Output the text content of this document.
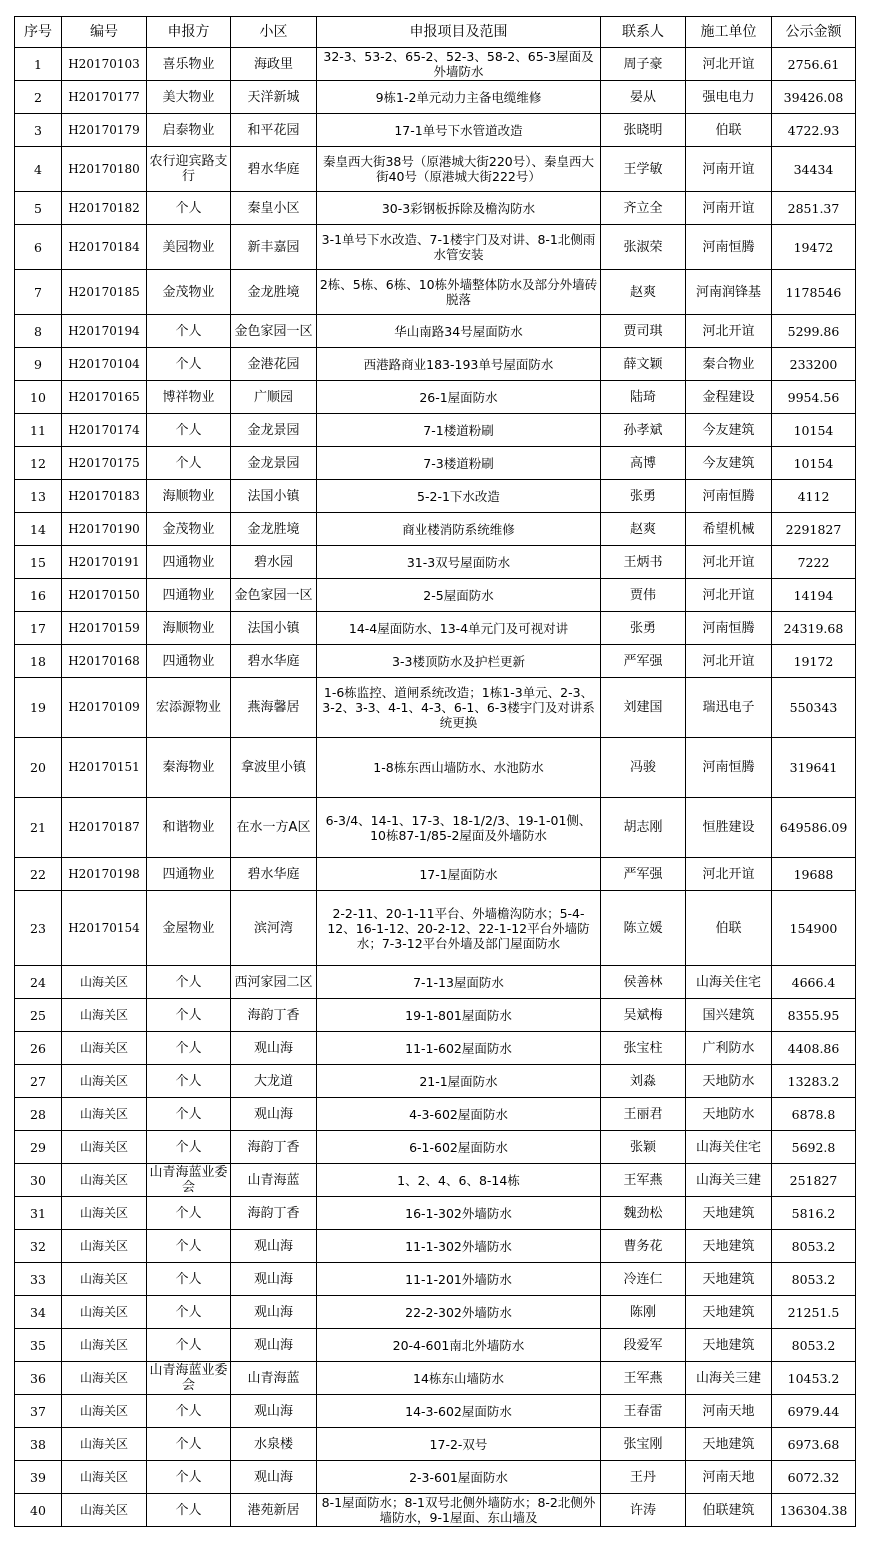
序号	编号	申报方	小区	申报项目及范围	联系人	施工单位	公示金额
1	H20170103	喜乐物业	海政里	32-3、53-2、65-2、52-3、58-2、65-3屋面及外墙防水	周子豪	河北开谊	2756.61
2	H20170177	美大物业	天洋新城	9栋1-2单元动力主备电缆维修	晏从	强电电力	39426.08
3	H20170179	启泰物业	和平花园	17-1单号下水管道改造	张晓明	伯联	4722.93
4	H20170180	农行迎宾路支行	碧水华庭	秦皇西大街38号（原港城大街220号）、秦皇西大街40号（原港城大街222号）	王学敏	河南开谊	34434
5	H20170182	个人	秦皇小区	30-3彩钢板拆除及檐沟防水	齐立全	河南开谊	2851.37
6	H20170184	美园物业	新丰嘉园	3-1单号下水改造、7-1楼宇门及对讲、8-1北侧雨水管安装	张淑荣	河南恒腾	19472
7	H20170185	金茂物业	金龙胜境	2栋、5栋、6栋、10栋外墙整体防水及部分外墙砖脱落	赵爽	河南润锋基	1178546
8	H20170194	个人	金色家园一区	华山南路34号屋面防水	贾司琪	河北开谊	5299.86
9	H20170104	个人	金港花园	西港路商业183-193单号屋面防水	薛文颖	秦合物业	233200
10	H20170165	博祥物业	广顺园	26-1屋面防水	陆琦	金程建设	9954.56
11	H20170174	个人	金龙景园	7-1楼道粉刷	孙孝斌	今友建筑	10154
12	H20170175	个人	金龙景园	7-3楼道粉刷	高博	今友建筑	10154
13	H20170183	海顺物业	法国小镇	5-2-1下水改造	张勇	河南恒腾	4112
14	H20170190	金茂物业	金龙胜境	商业楼消防系统维修	赵爽	希望机械	2291827
15	H20170191	四通物业	碧水园	31-3双号屋面防水	王炳书	河北开谊	7222
16	H20170150	四通物业	金色家园一区	2-5屋面防水	贾伟	河北开谊	14194
17	H20170159	海顺物业	法国小镇	14-4屋面防水、13-4单元门及可视对讲	张勇	河南恒腾	24319.68
18	H20170168	四通物业	碧水华庭	3-3楼顶防水及护栏更新	严军强	河北开谊	19172
19	H20170109	宏添源物业	燕海馨居	1-6栋监控、道闸系统改造；1栋1-3单元、2-3、3-2、3-3、4-1、4-3、6-1、6-3楼宇门及对讲系统更换	刘建国	瑞迅电子	550343
20	H20170151	秦海物业	拿波里小镇	1-8栋东西山墙防水、水池防水	冯骏	河南恒腾	319641
21	H20170187	和谐物业	在水一方A区	6-3/4、14-1、17-3、18-1/2/3、19-1-01侧、10栋87-1/85-2屋面及外墙防水	胡志刚	恒胜建设	649586.09
22	H20170198	四通物业	碧水华庭	17-1屋面防水	严军强	河北开谊	19688
23	H20170154	金屋物业	滨河湾	2-2-11、20-1-11平台、外墙檐沟防水；5-4-12、16-1-12、20-2-12、22-1-12平台外墙防水；7-3-12平台外墙及部门屋面防水	陈立媛	伯联	154900
24	山海关区	个人	西河家园二区	7-1-13屋面防水	侯善林	山海关住宅	4666.4
25	山海关区	个人	海韵丁香	19-1-801屋面防水	吴斌梅	国兴建筑	8355.95
26	山海关区	个人	观山海	11-1-602屋面防水	张宝柱	广利防水	4408.86
27	山海关区	个人	大龙道	21-1屋面防水	刘淼	天地防水	13283.2
28	山海关区	个人	观山海	4-3-602屋面防水	王丽君	天地防水	6878.8
29	山海关区	个人	海韵丁香	6-1-602屋面防水	张颖	山海关住宅	5692.8
30	山海关区	山青海蓝业委会	山青海蓝	1、2、4、6、8-14栋	王军燕	山海关三建	251827
31	山海关区	个人	海韵丁香	16-1-302外墙防水	魏劲松	天地建筑	5816.2
32	山海关区	个人	观山海	11-1-302外墙防水	曹务花	天地建筑	8053.2
33	山海关区	个人	观山海	11-1-201外墙防水	冷连仁	天地建筑	8053.2
34	山海关区	个人	观山海	22-2-302外墙防水	陈刚	天地建筑	21251.5
35	山海关区	个人	观山海	20-4-601南北外墙防水	段爱军	天地建筑	8053.2
36	山海关区	山青海蓝业委会	山青海蓝	14栋东山墙防水	王军燕	山海关三建	10453.2
37	山海关区	个人	观山海	14-3-602屋面防水	王春雷	河南天地	6979.44
38	山海关区	个人	水泉楼	17-2-双号	张宝刚	天地建筑	6973.68
39	山海关区	个人	观山海	2-3-601屋面防水	王丹	河南天地	6072.32
40	山海关区	个人	港苑新居	8-1屋面防水；8-1双号北侧外墙防水；8-2北侧外墙防水，9-1屋面、东山墙及	许涛	伯联建筑	136304.38
